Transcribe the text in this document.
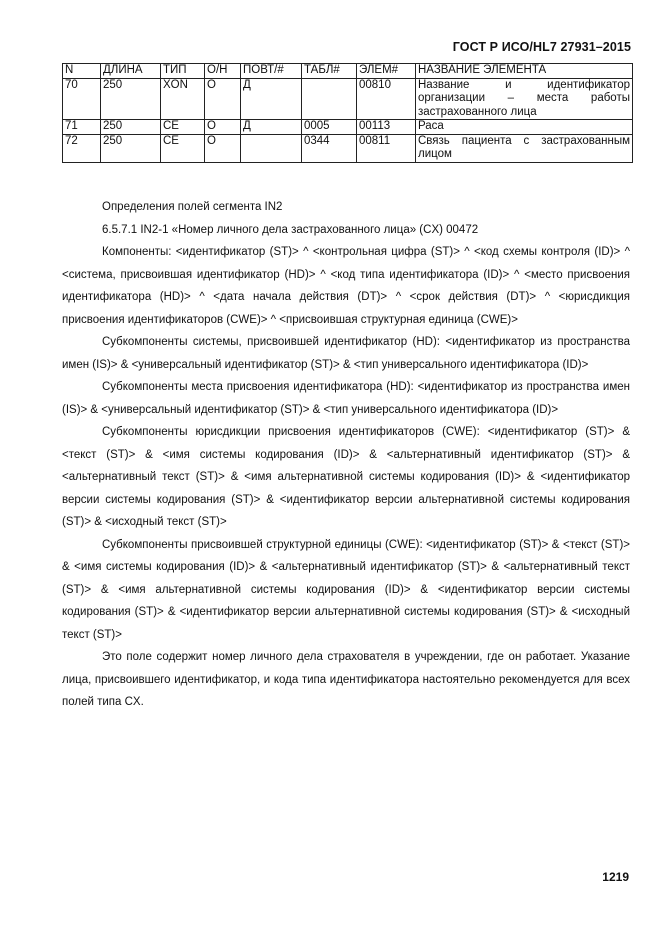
ГОСТ Р ИСО/HL7 27931–2015
N	ДЛИНА	ТИП	О/Н	ПОВТ/#	ТАБЛ#	ЭЛЕМ#	НАЗВАНИЕ ЭЛЕМЕНТА
70	250	XON	О	Д		00810	Название и идентификатор организации – места работы застрахованного лица
71	250	CE	О	Д	0005	00113	Раса
72	250	CE	О		0344	00811	Связь пациента с застрахованным лицом

Определения полей сегмента IN2

6.5.7.1 IN2-1 «Номер личного дела застрахованного лица» (CX) 00472

Компоненты: <идентификатор (ST)> ^ <контрольная цифра (ST)> ^ <код схемы контроля (ID)> ^ <система, присвоившая идентификатор (HD)> ^ <код типа идентификатора (ID)> ^ <место присвоения идентификатора (HD)> ^ <дата начала действия (DT)> ^ <срок действия (DT)> ^ <юрисдикция присвоения идентификаторов (CWE)> ^ <присвоившая структурная единица (CWE)>

Субкомпоненты системы, присвоившей идентификатор (HD): <идентификатор из пространства имен (IS)> & <универсальный идентификатор (ST)> & <тип универсального идентификатора (ID)>

Субкомпоненты места присвоения идентификатора (HD): <идентификатор из пространства имен (IS)> & <универсальный идентификатор (ST)> & <тип универсального идентификатора (ID)>

Субкомпоненты юрисдикции присвоения идентификаторов (CWE): <идентификатор (ST)> & <текст (ST)> & <имя системы кодирования (ID)> & <альтернативный идентификатор (ST)> & <альтернативный текст (ST)> & <имя альтернативной системы кодирования (ID)> & <идентификатор версии системы кодирования (ST)> & <идентификатор версии альтернативной системы кодирования (ST)> & <исходный текст (ST)>

Субкомпоненты присвоившей структурной единицы (CWE): <идентификатор (ST)> & <текст (ST)> & <имя системы кодирования (ID)> & <альтернативный идентификатор (ST)> & <альтернативный текст (ST)> & <имя альтернативной системы кодирования (ID)> & <идентификатор версии системы кодирования (ST)> & <идентификатор версии альтернативной системы кодирования (ST)> & <исходный текст (ST)>

Это поле содержит номер личного дела страхователя в учреждении, где он работает. Указание лица, присвоившего идентификатор, и кода типа идентификатора настоятельно рекомендуется для всех полей типа CX.

1219
